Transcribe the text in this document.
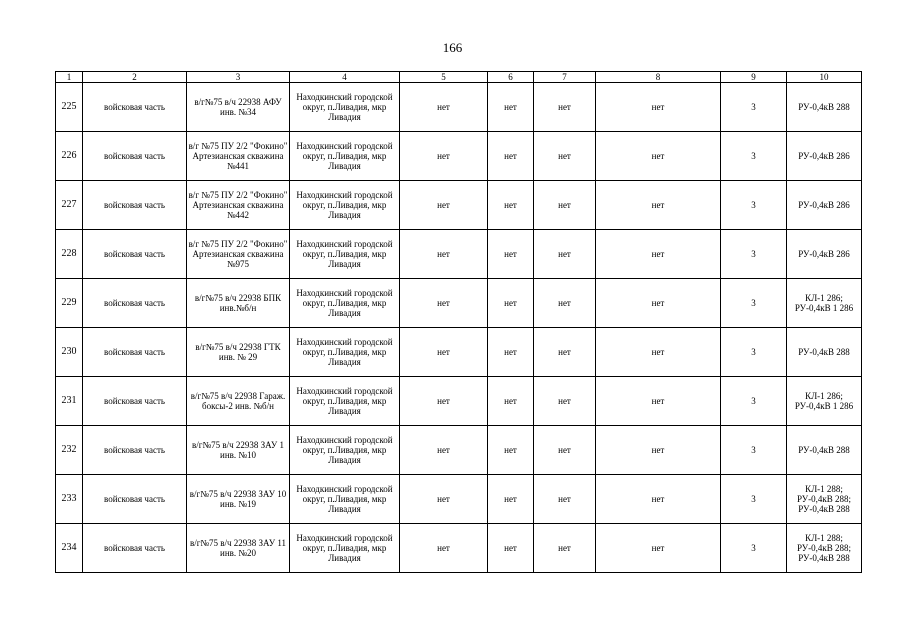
166
1	2	3	4	5	6	7	8	9	10
225	войсковая часть	в/г№75 в/ч 22938 АФУ инв. №34	Находкинский городской округ, п.Ливадия, мкр Ливадия	нет	нет	нет	нет	3	РУ-0,4кВ 288
226	войсковая часть	в/г №75 ПУ 2/2 "Фокино" Артезианская скважина №441	Находкинский городской округ, п.Ливадия, мкр Ливадия	нет	нет	нет	нет	3	РУ-0,4кВ 286
227	войсковая часть	в/г №75 ПУ 2/2 "Фокино" Артезианская скважина №442	Находкинский городской округ, п.Ливадия, мкр Ливадия	нет	нет	нет	нет	3	РУ-0,4кВ 286
228	войсковая часть	в/г №75 ПУ 2/2 "Фокино" Артезианская скважина №975	Находкинский городской округ, п.Ливадия, мкр Ливадия	нет	нет	нет	нет	3	РУ-0,4кВ 286
229	войсковая часть	в/г№75 в/ч 22938 БПК инв.№б/н	Находкинский городской округ, п.Ливадия, мкр Ливадия	нет	нет	нет	нет	3	КЛ-1 286; РУ-0,4кВ 1 286
230	войсковая часть	в/г№75 в/ч 22938 ГТК инв. № 29	Находкинский городской округ, п.Ливадия, мкр Ливадия	нет	нет	нет	нет	3	РУ-0,4кВ 288
231	войсковая часть	в/г№75 в/ч 22938 Гараж. боксы-2 инв. №б/н	Находкинский городской округ, п.Ливадия, мкр Ливадия	нет	нет	нет	нет	3	КЛ-1 286; РУ-0,4кВ 1 286
232	войсковая часть	в/г№75 в/ч 22938 ЗАУ 1 инв. №10	Находкинский городской округ, п.Ливадия, мкр Ливадия	нет	нет	нет	нет	3	РУ-0,4кВ 288
233	войсковая часть	в/г№75 в/ч 22938 ЗАУ 10 инв. №19	Находкинский городской округ, п.Ливадия, мкр Ливадия	нет	нет	нет	нет	3	КЛ-1 288; РУ-0,4кВ 288; РУ-0,4кВ 288
234	войсковая часть	в/г№75 в/ч 22938 ЗАУ 11 инв. №20	Находкинский городской округ, п.Ливадия, мкр Ливадия	нет	нет	нет	нет	3	КЛ-1 288; РУ-0,4кВ 288; РУ-0,4кВ 288
